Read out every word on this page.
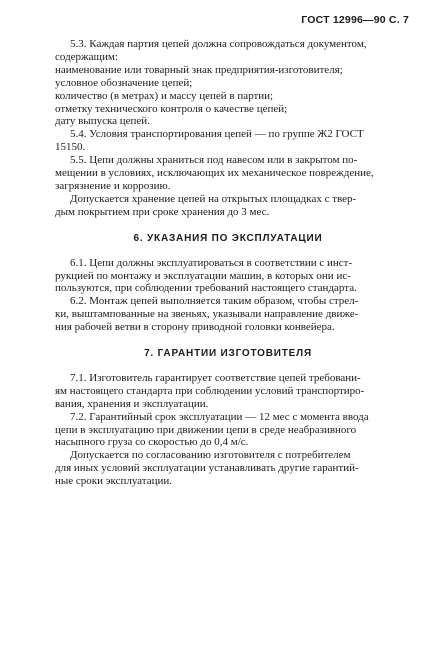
ГОСТ 12996—90 С. 7
5.3. Каждая партия цепей должна сопровождаться документом,
содержащим:
наименование или товарный знак предприятия-изготовителя;
условное обозначение цепей;
количество (в метрах) и массу цепей в партии;
отметку технического контроля о качестве цепей;
дату выпуска цепей.
5.4. Условия транспортирования цепей — по группе Ж2 ГОСТ
15150.
5.5. Цепи должны храниться под навесом или в закрытом по-
мещении в условиях, исключающих их механическое повреждение,
загрязнение и коррозию.
Допускается хранение цепей на открытых площадках с твер-
дым покрытием при сроке хранения до 3 мес.
6. УКАЗАНИЯ ПО ЭКСПЛУАТАЦИИ
6.1. Цепи должны эксплуатироваться в соответствии с инст-
рукцией по монтажу и эксплуатации машин, в которых они ис-
пользуются, при соблюдении требований настоящего стандарта.
6.2. Монтаж цепей выполняется таким образом, чтобы стрел-
ки, выштампованные на звеньях, указывали направление движе-
ния рабочей ветви в сторону приводной головки конвейера.
7. ГАРАНТИИ ИЗГОТОВИТЕЛЯ
7.1. Изготовитель гарантирует соответствие цепей требовани-
ям настоящего стандарта при соблюдении условий транспортиро-
вания, хранения и эксплуатации.
7.2. Гарантийный срок эксплуатации — 12 мес с момента ввода
цепи в эксплуатацию при движении цепи в среде неабразивного
насыпного груза со скоростью до 0,4 м/с.
Допускается по согласованию изготовителя с потребителем
для иных условий эксплуатации устанавливать другие гарантий-
ные сроки эксплуатации.
